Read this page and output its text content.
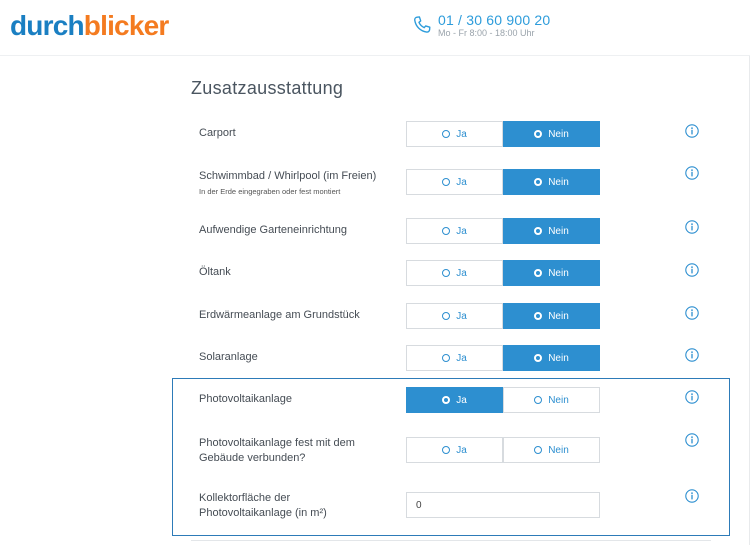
durchblicker	01 / 30 60 900 20
Mo - Fr 8:00 - 18:00 Uhr
Zusatzausstattung
Carport	Ja	Nein
Schwimmbad / Whirlpool (im Freien)
In der Erde eingegraben oder fest montiert
Ja	Nein
Aufwendige Garteneinrichtung	Ja	Nein
Öltank	Ja	Nein
Erdwärmeanlage am Grundstück	Ja	Nein
Solaranlage	Ja	Nein
Photovoltaikanlage	Ja	Nein
Photovoltaikanlage fest mit dem
Gebäude verbunden?
Ja	Nein
Kollektorfläche der
Photovoltaikanlage (in m²)
0
